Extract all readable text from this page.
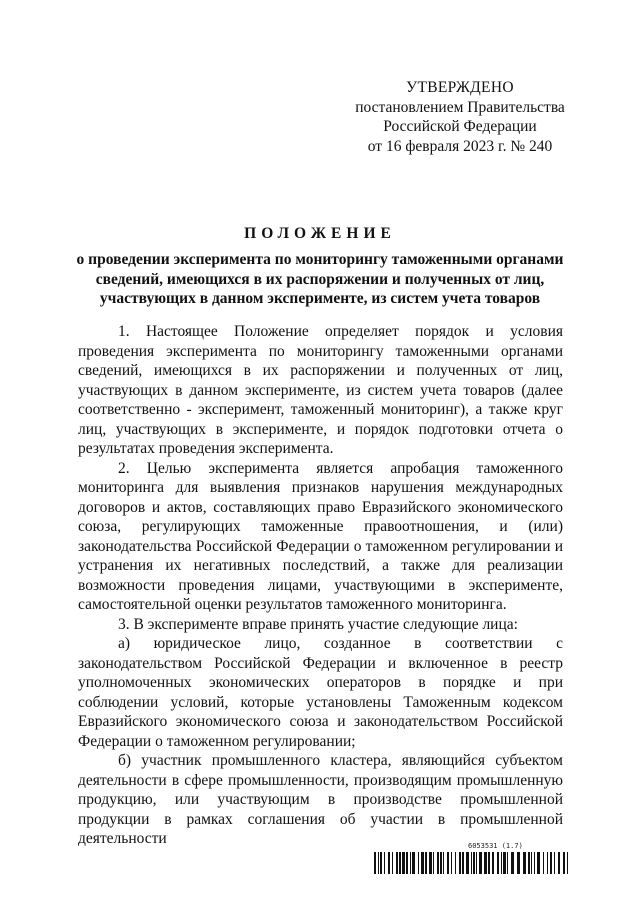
УТВЕРЖДЕНО
постановлением Правительства
Российской Федерации
от 16 февраля 2023 г. № 240
ПОЛОЖЕНИЕ
о проведении эксперимента по мониторингу таможенными органами сведений, имеющихся в их распоряжении и полученных от лиц, участвующих в данном эксперименте, из систем учета товаров

1. Настоящее Положение определяет порядок и условия проведения эксперимента по мониторингу таможенными органами сведений, имеющихся в их распоряжении и полученных от лиц, участвующих в данном эксперименте, из систем учета товаров (далее соответственно - эксперимент, таможенный мониторинг), а также круг лиц, участвующих в эксперименте, и порядок подготовки отчета о результатах проведения эксперимента.

2. Целью эксперимента является апробация таможенного мониторинга для выявления признаков нарушения международных договоров и актов, составляющих право Евразийского экономического союза, регулирующих таможенные правоотношения, и (или) законодательства Российской Федерации о таможенном регулировании и устранения их негативных последствий, а также для реализации возможности проведения лицами, участвующими в эксперименте, самостоятельной оценки результатов таможенного мониторинга.

3. В эксперименте вправе принять участие следующие лица:

а) юридическое лицо, созданное в соответствии с законодательством Российской Федерации и включенное в реестр уполномоченных экономических операторов в порядке и при соблюдении условий, которые установлены Таможенным кодексом Евразийского экономического союза и законодательством Российской Федерации о таможенном регулировании;

б) участник промышленного кластера, являющийся субъектом деятельности в сфере промышленности, производящим промышленную продукцию, или участвующим в производстве промышленной продукции в рамках соглашения об участии в промышленной деятельности	6053531 (1.7)
